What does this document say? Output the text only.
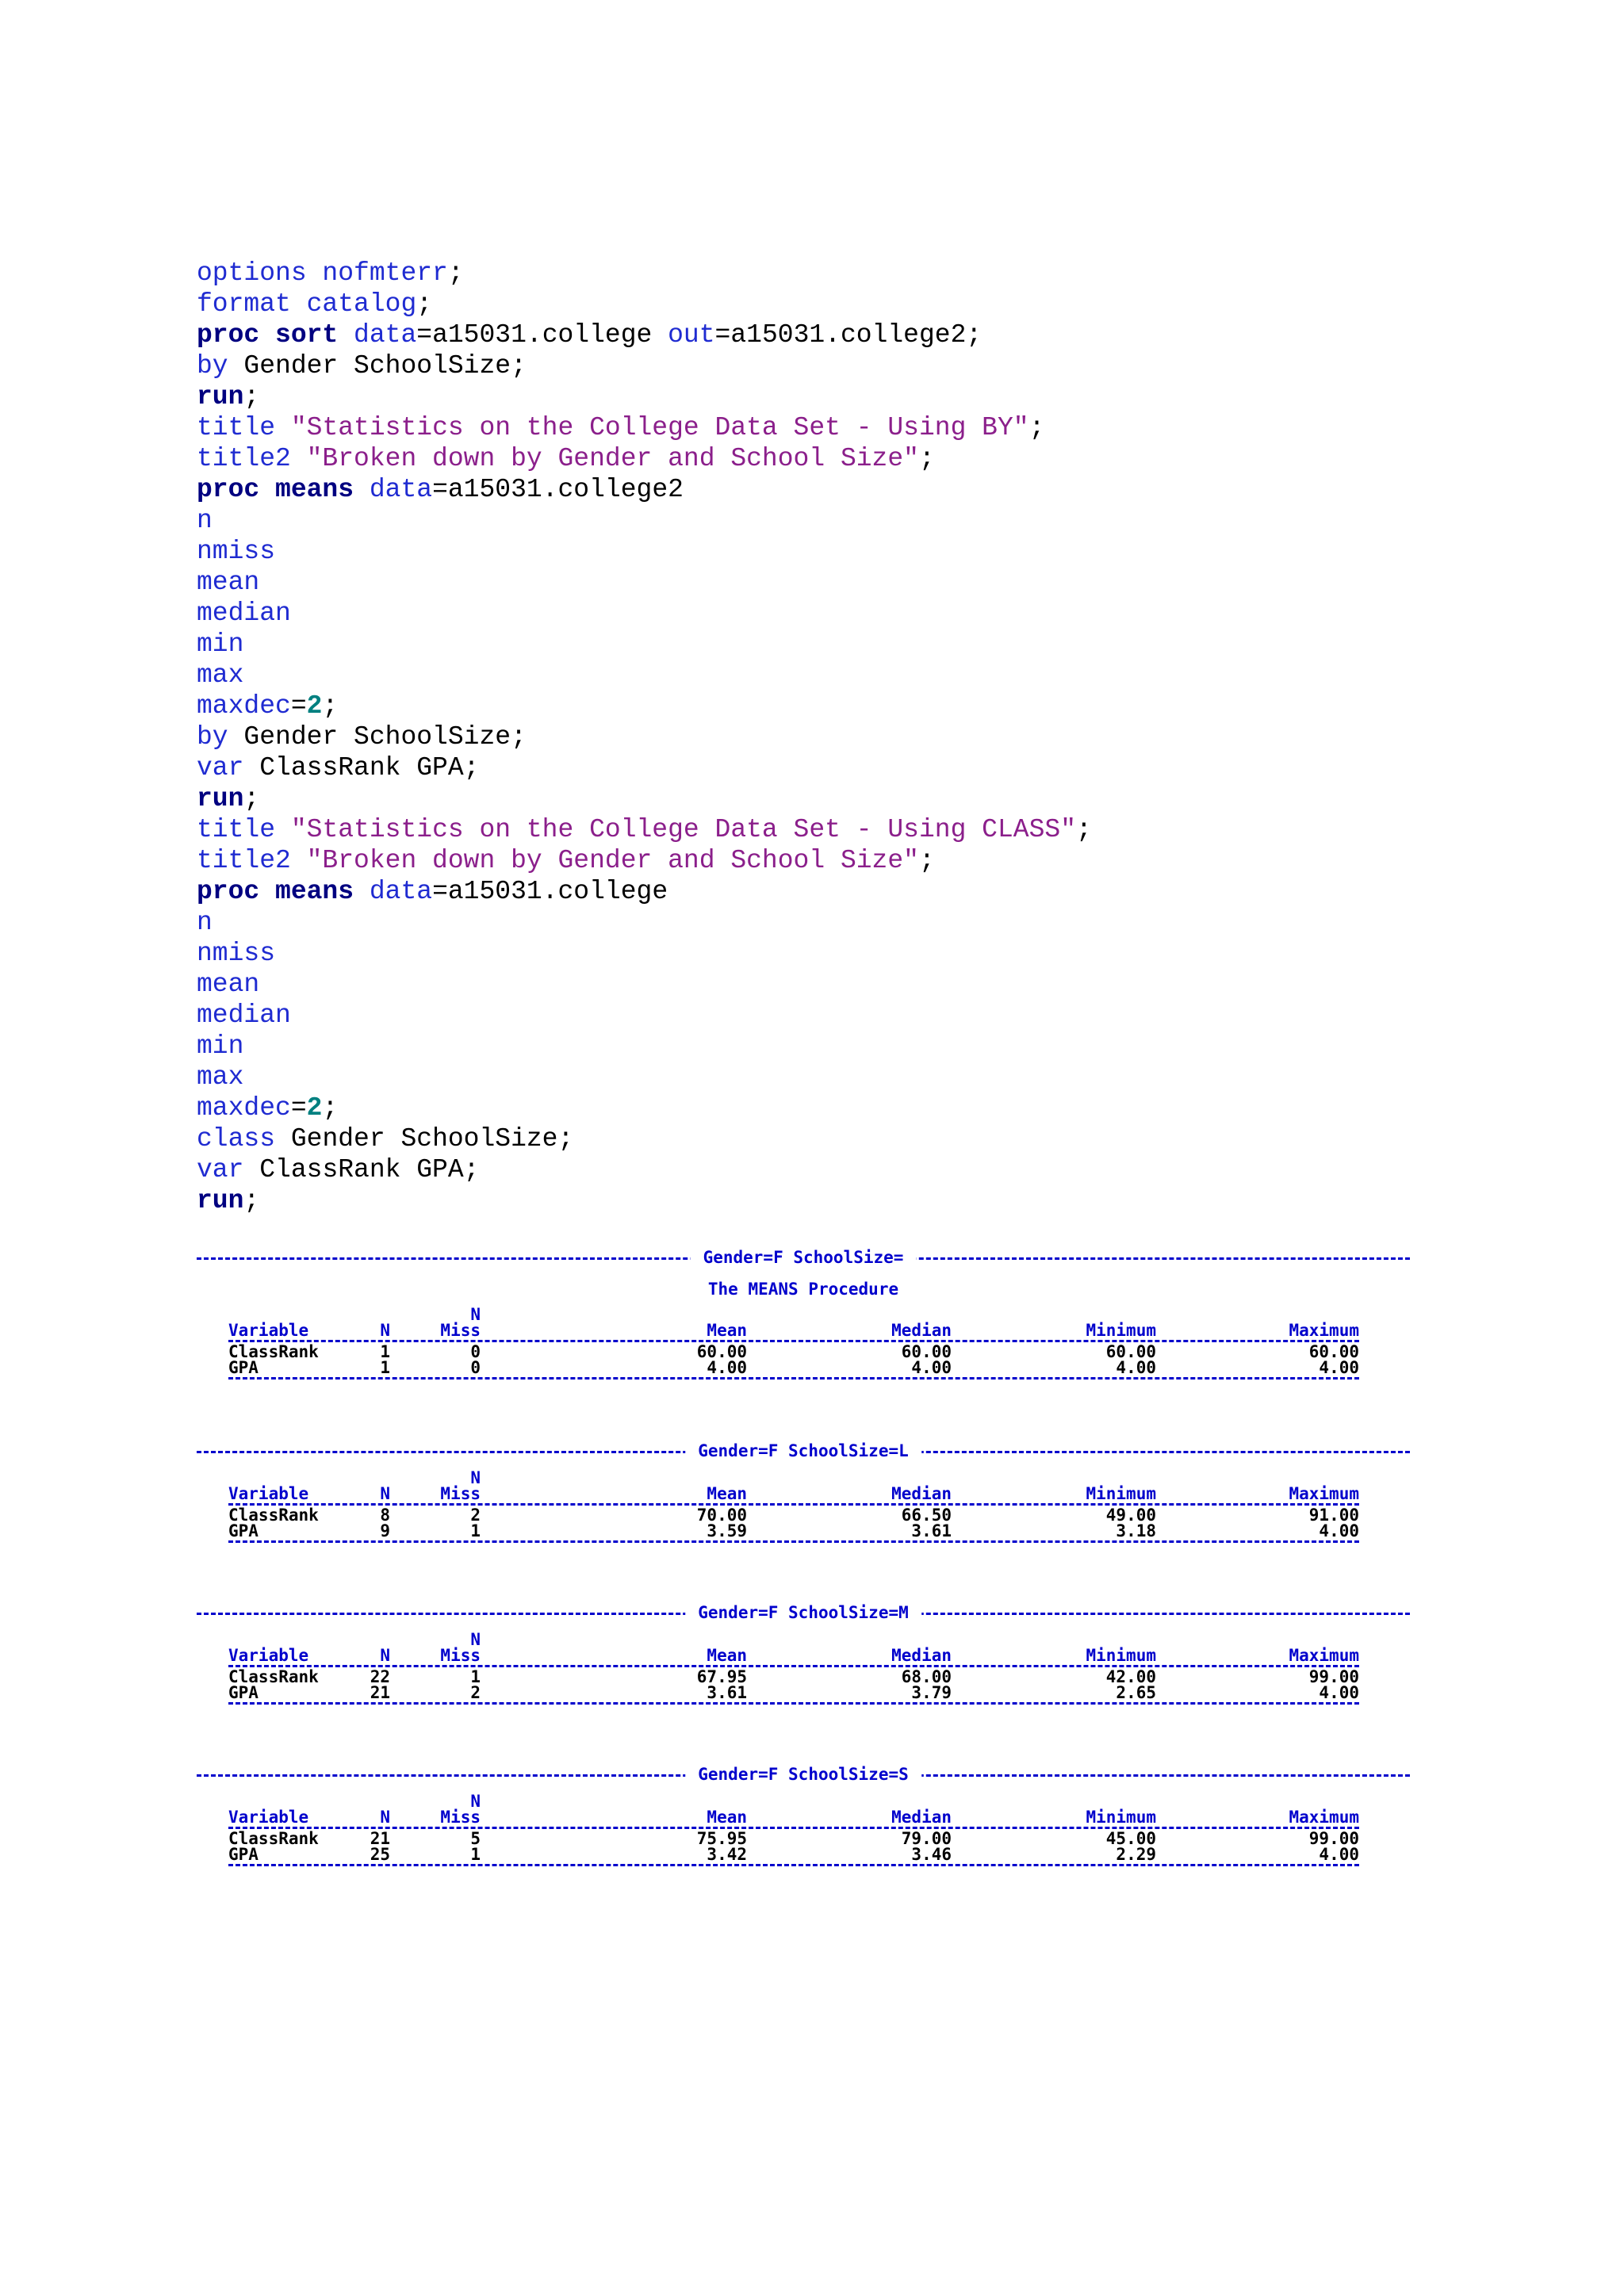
options nofmterr;
format catalog;
proc sort data=a15031.college out=a15031.college2;
by Gender SchoolSize;
run;
title "Statistics on the College Data Set - Using BY";
title2 "Broken down by Gender and School Size";
proc means data=a15031.college2
n
nmiss
mean
median
min
max
maxdec=2;
by Gender SchoolSize;
var ClassRank GPA;
run;
title "Statistics on the College Data Set - Using CLASS";
title2 "Broken down by Gender and School Size";
proc means data=a15031.college
n
nmiss
mean
median
min
max
maxdec=2;
class Gender SchoolSize;
var ClassRank GPA;
run;
Gender=F SchoolSize=
The MEANS Procedure
N
Variable	N	Miss	Mean	Median	Minimum	Maximum
ClassRank	1	0	60.00	60.00	60.00	60.00
GPA	1	0	4.00	4.00	4.00	4.00
Gender=F SchoolSize=L
N
Variable	N	Miss	Mean	Median	Minimum	Maximum
ClassRank	8	2	70.00	66.50	49.00	91.00
GPA	9	1	3.59	3.61	3.18	4.00
Gender=F SchoolSize=M
N
Variable	N	Miss	Mean	Median	Minimum	Maximum
ClassRank	22	1	67.95	68.00	42.00	99.00
GPA	21	2	3.61	3.79	2.65	4.00
Gender=F SchoolSize=S
N
Variable	N	Miss	Mean	Median	Minimum	Maximum
ClassRank	21	5	75.95	79.00	45.00	99.00
GPA	25	1	3.42	3.46	2.29	4.00
